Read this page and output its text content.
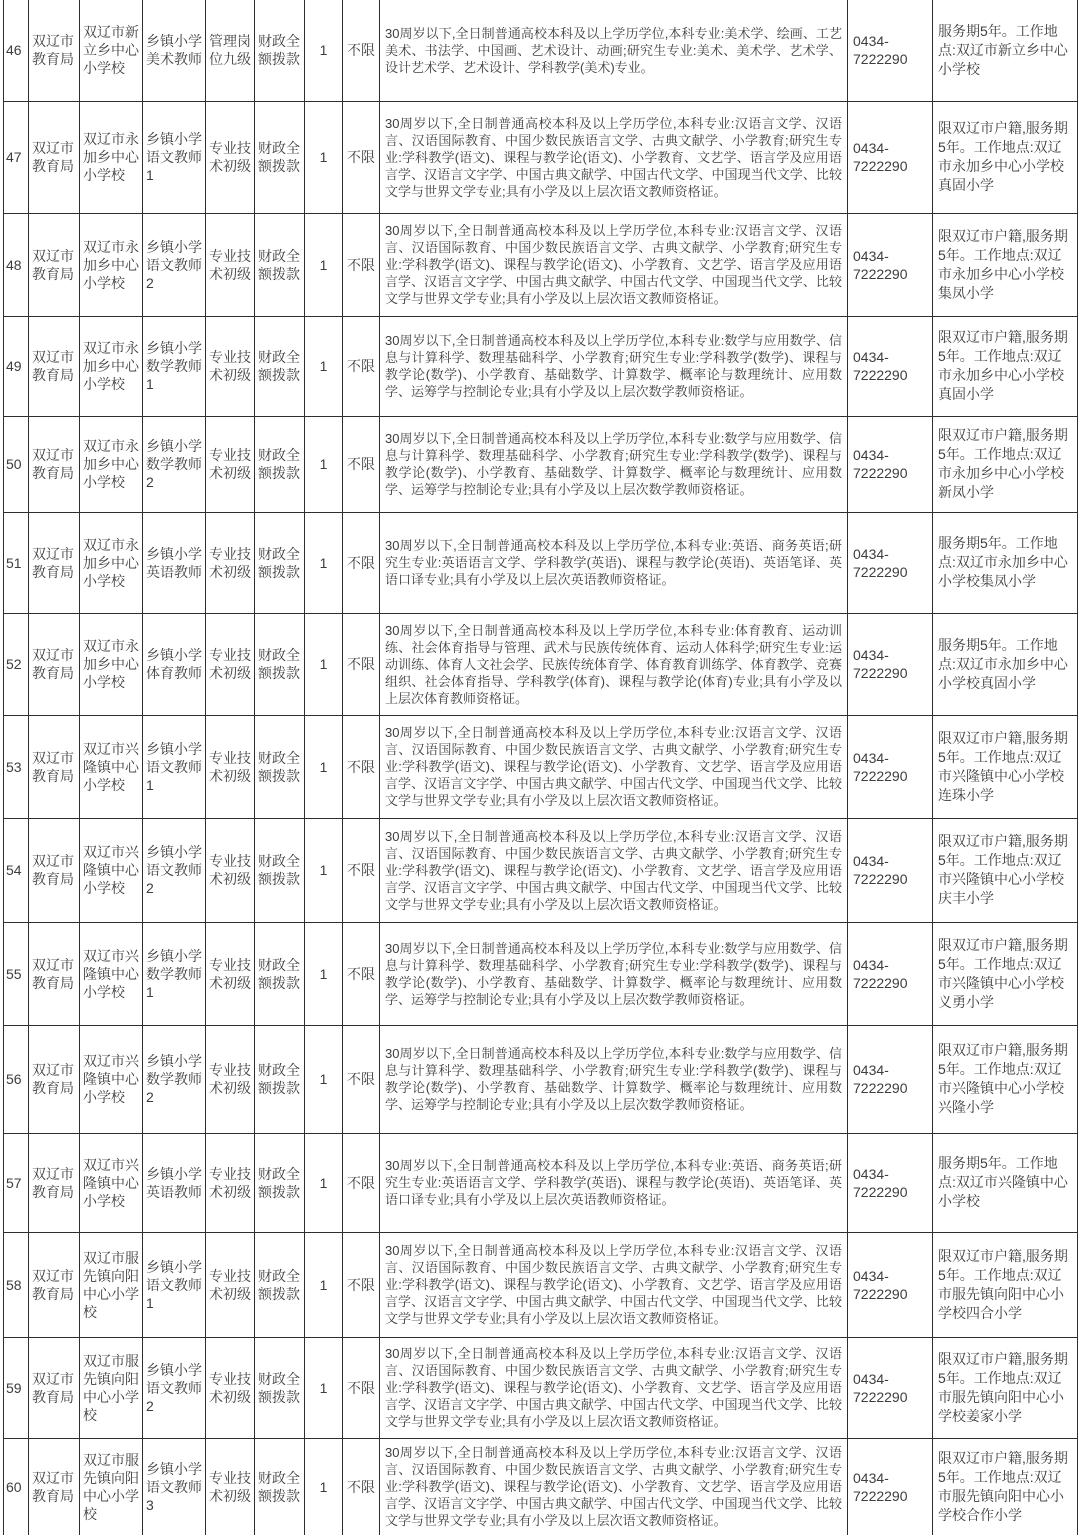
46	双辽市教育局	双辽市新立乡中心小学校	乡镇小学美术教师	管理岗位九级	财政全额拨款	1	不限	30周岁以下,全日制普通高校本科及以上学历学位,本科专业:美术学、绘画、工艺美术、书法学、中国画、艺术设计、动画;研究生专业:美术、美术学、艺术学、设计艺术学、艺术设计、学科教学(美术)专业。	0434-7222290	服务期5年。工作地点:双辽市新立乡中心小学校
47	双辽市教育局	双辽市永加乡中心小学校	乡镇小学语文教师1	专业技术初级	财政全额拨款	1	不限	30周岁以下,全日制普通高校本科及以上学历学位,本科专业:汉语言文学、汉语言、汉语国际教育、中国少数民族语言文学、古典文献学、小学教育;研究生专业:学科教学(语文)、课程与教学论(语文)、小学教育、文艺学、语言学及应用语言学、汉语言文字学、中国古典文献学、中国古代文学、中国现当代文学、比较文学与世界文学专业;具有小学及以上层次语文教师资格证。	0434-7222290	限双辽市户籍,服务期5年。工作地点:双辽市永加乡中心小学校真固小学
48	双辽市教育局	双辽市永加乡中心小学校	乡镇小学语文教师2	专业技术初级	财政全额拨款	1	不限	30周岁以下,全日制普通高校本科及以上学历学位,本科专业:汉语言文学、汉语言、汉语国际教育、中国少数民族语言文学、古典文献学、小学教育;研究生专业:学科教学(语文)、课程与教学论(语文)、小学教育、文艺学、语言学及应用语言学、汉语言文字学、中国古典文献学、中国古代文学、中国现当代文学、比较文学与世界文学专业;具有小学及以上层次语文教师资格证。	0434-7222290	限双辽市户籍,服务期5年。工作地点:双辽市永加乡中心小学校集凤小学
49	双辽市教育局	双辽市永加乡中心小学校	乡镇小学数学教师1	专业技术初级	财政全额拨款	1	不限	30周岁以下,全日制普通高校本科及以上学历学位,本科专业:数学与应用数学、信息与计算科学、数理基础科学、小学教育;研究生专业:学科教学(数学)、课程与教学论(数学)、小学教育、基础数学、计算数学、概率论与数理统计、应用数学、运筹学与控制论专业;具有小学及以上层次数学教师资格证。	0434-7222290	限双辽市户籍,服务期5年。工作地点:双辽市永加乡中心小学校真固小学
50	双辽市教育局	双辽市永加乡中心小学校	乡镇小学数学教师2	专业技术初级	财政全额拨款	1	不限	30周岁以下,全日制普通高校本科及以上学历学位,本科专业:数学与应用数学、信息与计算科学、数理基础科学、小学教育;研究生专业:学科教学(数学)、课程与教学论(数学)、小学教育、基础数学、计算数学、概率论与数理统计、应用数学、运筹学与控制论专业;具有小学及以上层次数学教师资格证。	0434-7222290	限双辽市户籍,服务期5年。工作地点:双辽市永加乡中心小学校新凤小学
51	双辽市教育局	双辽市永加乡中心小学校	乡镇小学英语教师	专业技术初级	财政全额拨款	1	不限	30周岁以下,全日制普通高校本科及以上学历学位,本科专业:英语、商务英语;研究生专业:英语语言文学、学科教学(英语)、课程与教学论(英语)、英语笔译、英语口译专业;具有小学及以上层次英语教师资格证。	0434-7222290	服务期5年。工作地点:双辽市永加乡中心小学校集凤小学
52	双辽市教育局	双辽市永加乡中心小学校	乡镇小学体育教师	专业技术初级	财政全额拨款	1	不限	30周岁以下,全日制普通高校本科及以上学历学位,本科专业:体育教育、运动训练、社会体育指导与管理、武术与民族传统体育、运动人体科学;研究生专业:运动训练、体育人文社会学、民族传统体育学、体育教育训练学、体育教学、竞赛组织、社会体育指导、学科教学(体育)、课程与教学论(体育)专业;具有小学及以上层次体育教师资格证。	0434-7222290	服务期5年。工作地点:双辽市永加乡中心小学校真固小学
53	双辽市教育局	双辽市兴隆镇中心小学校	乡镇小学语文教师1	专业技术初级	财政全额拨款	1	不限	30周岁以下,全日制普通高校本科及以上学历学位,本科专业:汉语言文学、汉语言、汉语国际教育、中国少数民族语言文学、古典文献学、小学教育;研究生专业:学科教学(语文)、课程与教学论(语文)、小学教育、文艺学、语言学及应用语言学、汉语言文字学、中国古典文献学、中国古代文学、中国现当代文学、比较文学与世界文学专业;具有小学及以上层次语文教师资格证。	0434-7222290	限双辽市户籍,服务期5年。工作地点:双辽市兴隆镇中心小学校连珠小学
54	双辽市教育局	双辽市兴隆镇中心小学校	乡镇小学语文教师2	专业技术初级	财政全额拨款	1	不限	30周岁以下,全日制普通高校本科及以上学历学位,本科专业:汉语言文学、汉语言、汉语国际教育、中国少数民族语言文学、古典文献学、小学教育;研究生专业:学科教学(语文)、课程与教学论(语文)、小学教育、文艺学、语言学及应用语言学、汉语言文字学、中国古典文献学、中国古代文学、中国现当代文学、比较文学与世界文学专业;具有小学及以上层次语文教师资格证。	0434-7222290	限双辽市户籍,服务期5年。工作地点:双辽市兴隆镇中心小学校庆丰小学
55	双辽市教育局	双辽市兴隆镇中心小学校	乡镇小学数学教师1	专业技术初级	财政全额拨款	1	不限	30周岁以下,全日制普通高校本科及以上学历学位,本科专业:数学与应用数学、信息与计算科学、数理基础科学、小学教育;研究生专业:学科教学(数学)、课程与教学论(数学)、小学教育、基础数学、计算数学、概率论与数理统计、应用数学、运筹学与控制论专业;具有小学及以上层次数学教师资格证。	0434-7222290	限双辽市户籍,服务期5年。工作地点:双辽市兴隆镇中心小学校义勇小学
56	双辽市教育局	双辽市兴隆镇中心小学校	乡镇小学数学教师2	专业技术初级	财政全额拨款	1	不限	30周岁以下,全日制普通高校本科及以上学历学位,本科专业:数学与应用数学、信息与计算科学、数理基础科学、小学教育;研究生专业:学科教学(数学)、课程与教学论(数学)、小学教育、基础数学、计算数学、概率论与数理统计、应用数学、运筹学与控制论专业;具有小学及以上层次数学教师资格证。	0434-7222290	限双辽市户籍,服务期5年。工作地点:双辽市兴隆镇中心小学校兴隆小学
57	双辽市教育局	双辽市兴隆镇中心小学校	乡镇小学英语教师	专业技术初级	财政全额拨款	1	不限	30周岁以下,全日制普通高校本科及以上学历学位,本科专业:英语、商务英语;研究生专业:英语语言文学、学科教学(英语)、课程与教学论(英语)、英语笔译、英语口译专业;具有小学及以上层次英语教师资格证。	0434-7222290	服务期5年。工作地点:双辽市兴隆镇中心小学校
58	双辽市教育局	双辽市服先镇向阳中心小学校	乡镇小学语文教师1	专业技术初级	财政全额拨款	1	不限	30周岁以下,全日制普通高校本科及以上学历学位,本科专业:汉语言文学、汉语言、汉语国际教育、中国少数民族语言文学、古典文献学、小学教育;研究生专业:学科教学(语文)、课程与教学论(语文)、小学教育、文艺学、语言学及应用语言学、汉语言文字学、中国古典文献学、中国古代文学、中国现当代文学、比较文学与世界文学专业;具有小学及以上层次语文教师资格证。	0434-7222290	限双辽市户籍,服务期5年。工作地点:双辽市服先镇向阳中心小学校四合小学
59	双辽市教育局	双辽市服先镇向阳中心小学校	乡镇小学语文教师2	专业技术初级	财政全额拨款	1	不限	30周岁以下,全日制普通高校本科及以上学历学位,本科专业:汉语言文学、汉语言、汉语国际教育、中国少数民族语言文学、古典文献学、小学教育;研究生专业:学科教学(语文)、课程与教学论(语文)、小学教育、文艺学、语言学及应用语言学、汉语言文字学、中国古典文献学、中国古代文学、中国现当代文学、比较文学与世界文学专业;具有小学及以上层次语文教师资格证。	0434-7222290	限双辽市户籍,服务期5年。工作地点:双辽市服先镇向阳中心小学校姜家小学
60	双辽市教育局	双辽市服先镇向阳中心小学校	乡镇小学语文教师3	专业技术初级	财政全额拨款	1	不限	30周岁以下,全日制普通高校本科及以上学历学位,本科专业:汉语言文学、汉语言、汉语国际教育、中国少数民族语言文学、古典文献学、小学教育;研究生专业:学科教学(语文)、课程与教学论(语文)、小学教育、文艺学、语言学及应用语言学、汉语言文字学、中国古典文献学、中国古代文学、中国现当代文学、比较文学与世界文学专业;具有小学及以上层次语文教师资格证。	0434-7222290	限双辽市户籍,服务期5年。工作地点:双辽市服先镇向阳中心小学校合作小学
